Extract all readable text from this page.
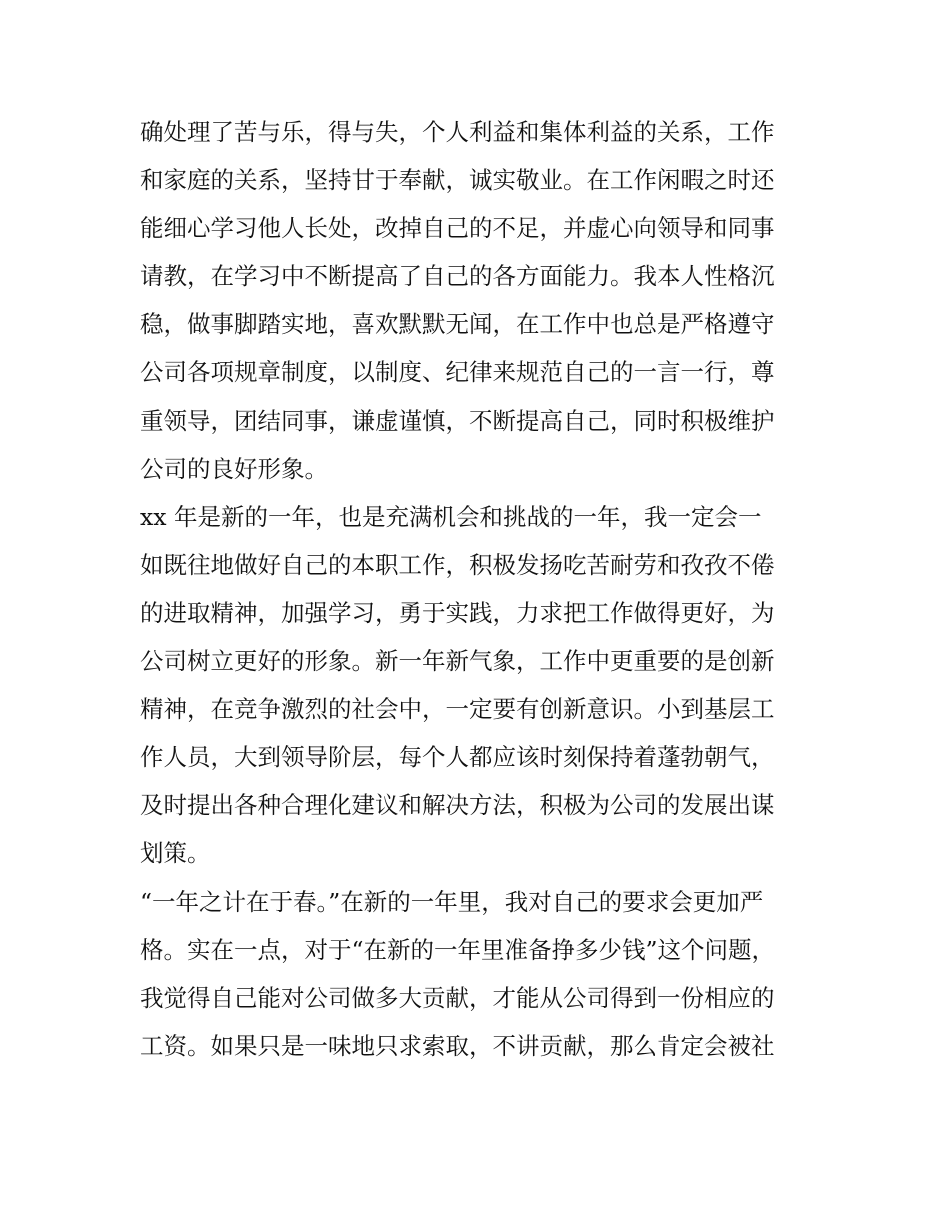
确处理了苦与乐，得与失，个人利益和集体利益的关系，工作
和家庭的关系，坚持甘于奉献，诚实敬业。在工作闲暇之时还
能细心学习他人长处，改掉自己的不足，并虚心向领导和同事
请教，在学习中不断提高了自己的各方面能力。我本人性格沉
稳，做事脚踏实地，喜欢默默无闻，在工作中也总是严格遵守
公司各项规章制度，以制度、纪律来规范自己的一言一行，尊
重领导，团结同事，谦虚谨慎，不断提高自己，同时积极维护
公司的良好形象。
xx 年是新的一年，也是充满机会和挑战的一年，我一定会一
如既往地做好自己的本职工作，积极发扬吃苦耐劳和孜孜不倦
的进取精神，加强学习，勇于实践，力求把工作做得更好，为
公司树立更好的形象。新一年新气象，工作中更重要的是创新
精神，在竞争激烈的社会中，一定要有创新意识。小到基层工
作人员，大到领导阶层，每个人都应该时刻保持着蓬勃朝气，
及时提出各种合理化建议和解决方法，积极为公司的发展出谋
划策。
“一年之计在于春。”在新的一年里，我对自己的要求会更加严
格。实在一点，对于“在新的一年里准备挣多少钱”这个问题，
我觉得自己能对公司做多大贡献，才能从公司得到一份相应的
工资。如果只是一味地只求索取，不讲贡献，那么肯定会被社
